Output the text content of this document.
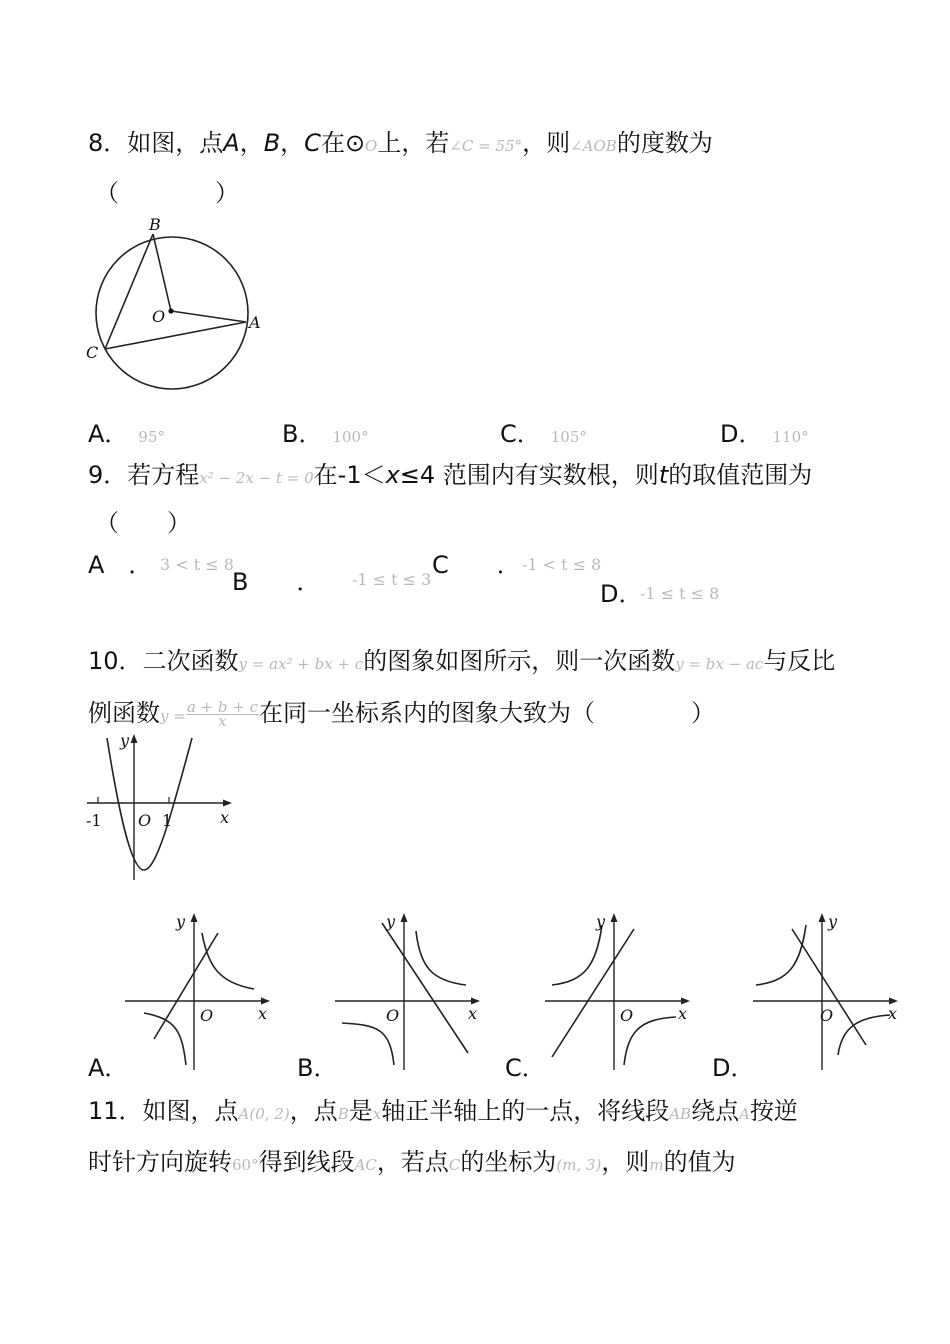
8．如图，点A，B，C在⊙O上，若∠C = 55°，则∠AOB的度数为
（　　　　）
B
O	A
C
A． 95°	B． 100°	C． 105°	D． 110°
9．若方程x² − 2x − t = 0在-1＜x≤4 范围内有实数根，则t的取值范围为
（　　）
A　． 3 < t ≤ 8
B　　． -1 ≤ t ≤ 3
C　　． -1 < t ≤ 8
D．
-1 ≤ t ≤ 8
10．二次函数y = ax² + bx + c的图象如图所示，则一次函数y = bx − ac与反比
例函数$y = \frac{a + b + c}{x}$ 在同一坐标系内的图象大致为（　　　　）
y
x
O
-1	1
y
x
O
A．
y
x
O
B．
y
x
O
C．
y
x
O
D．
11．如图，点A(0, 2)，点B是x轴正半轴上的一点，将线段AB绕点A按逆
时针方向旋转60°得到线段AC，若点C的坐标为(m, 3)，则m的值为
